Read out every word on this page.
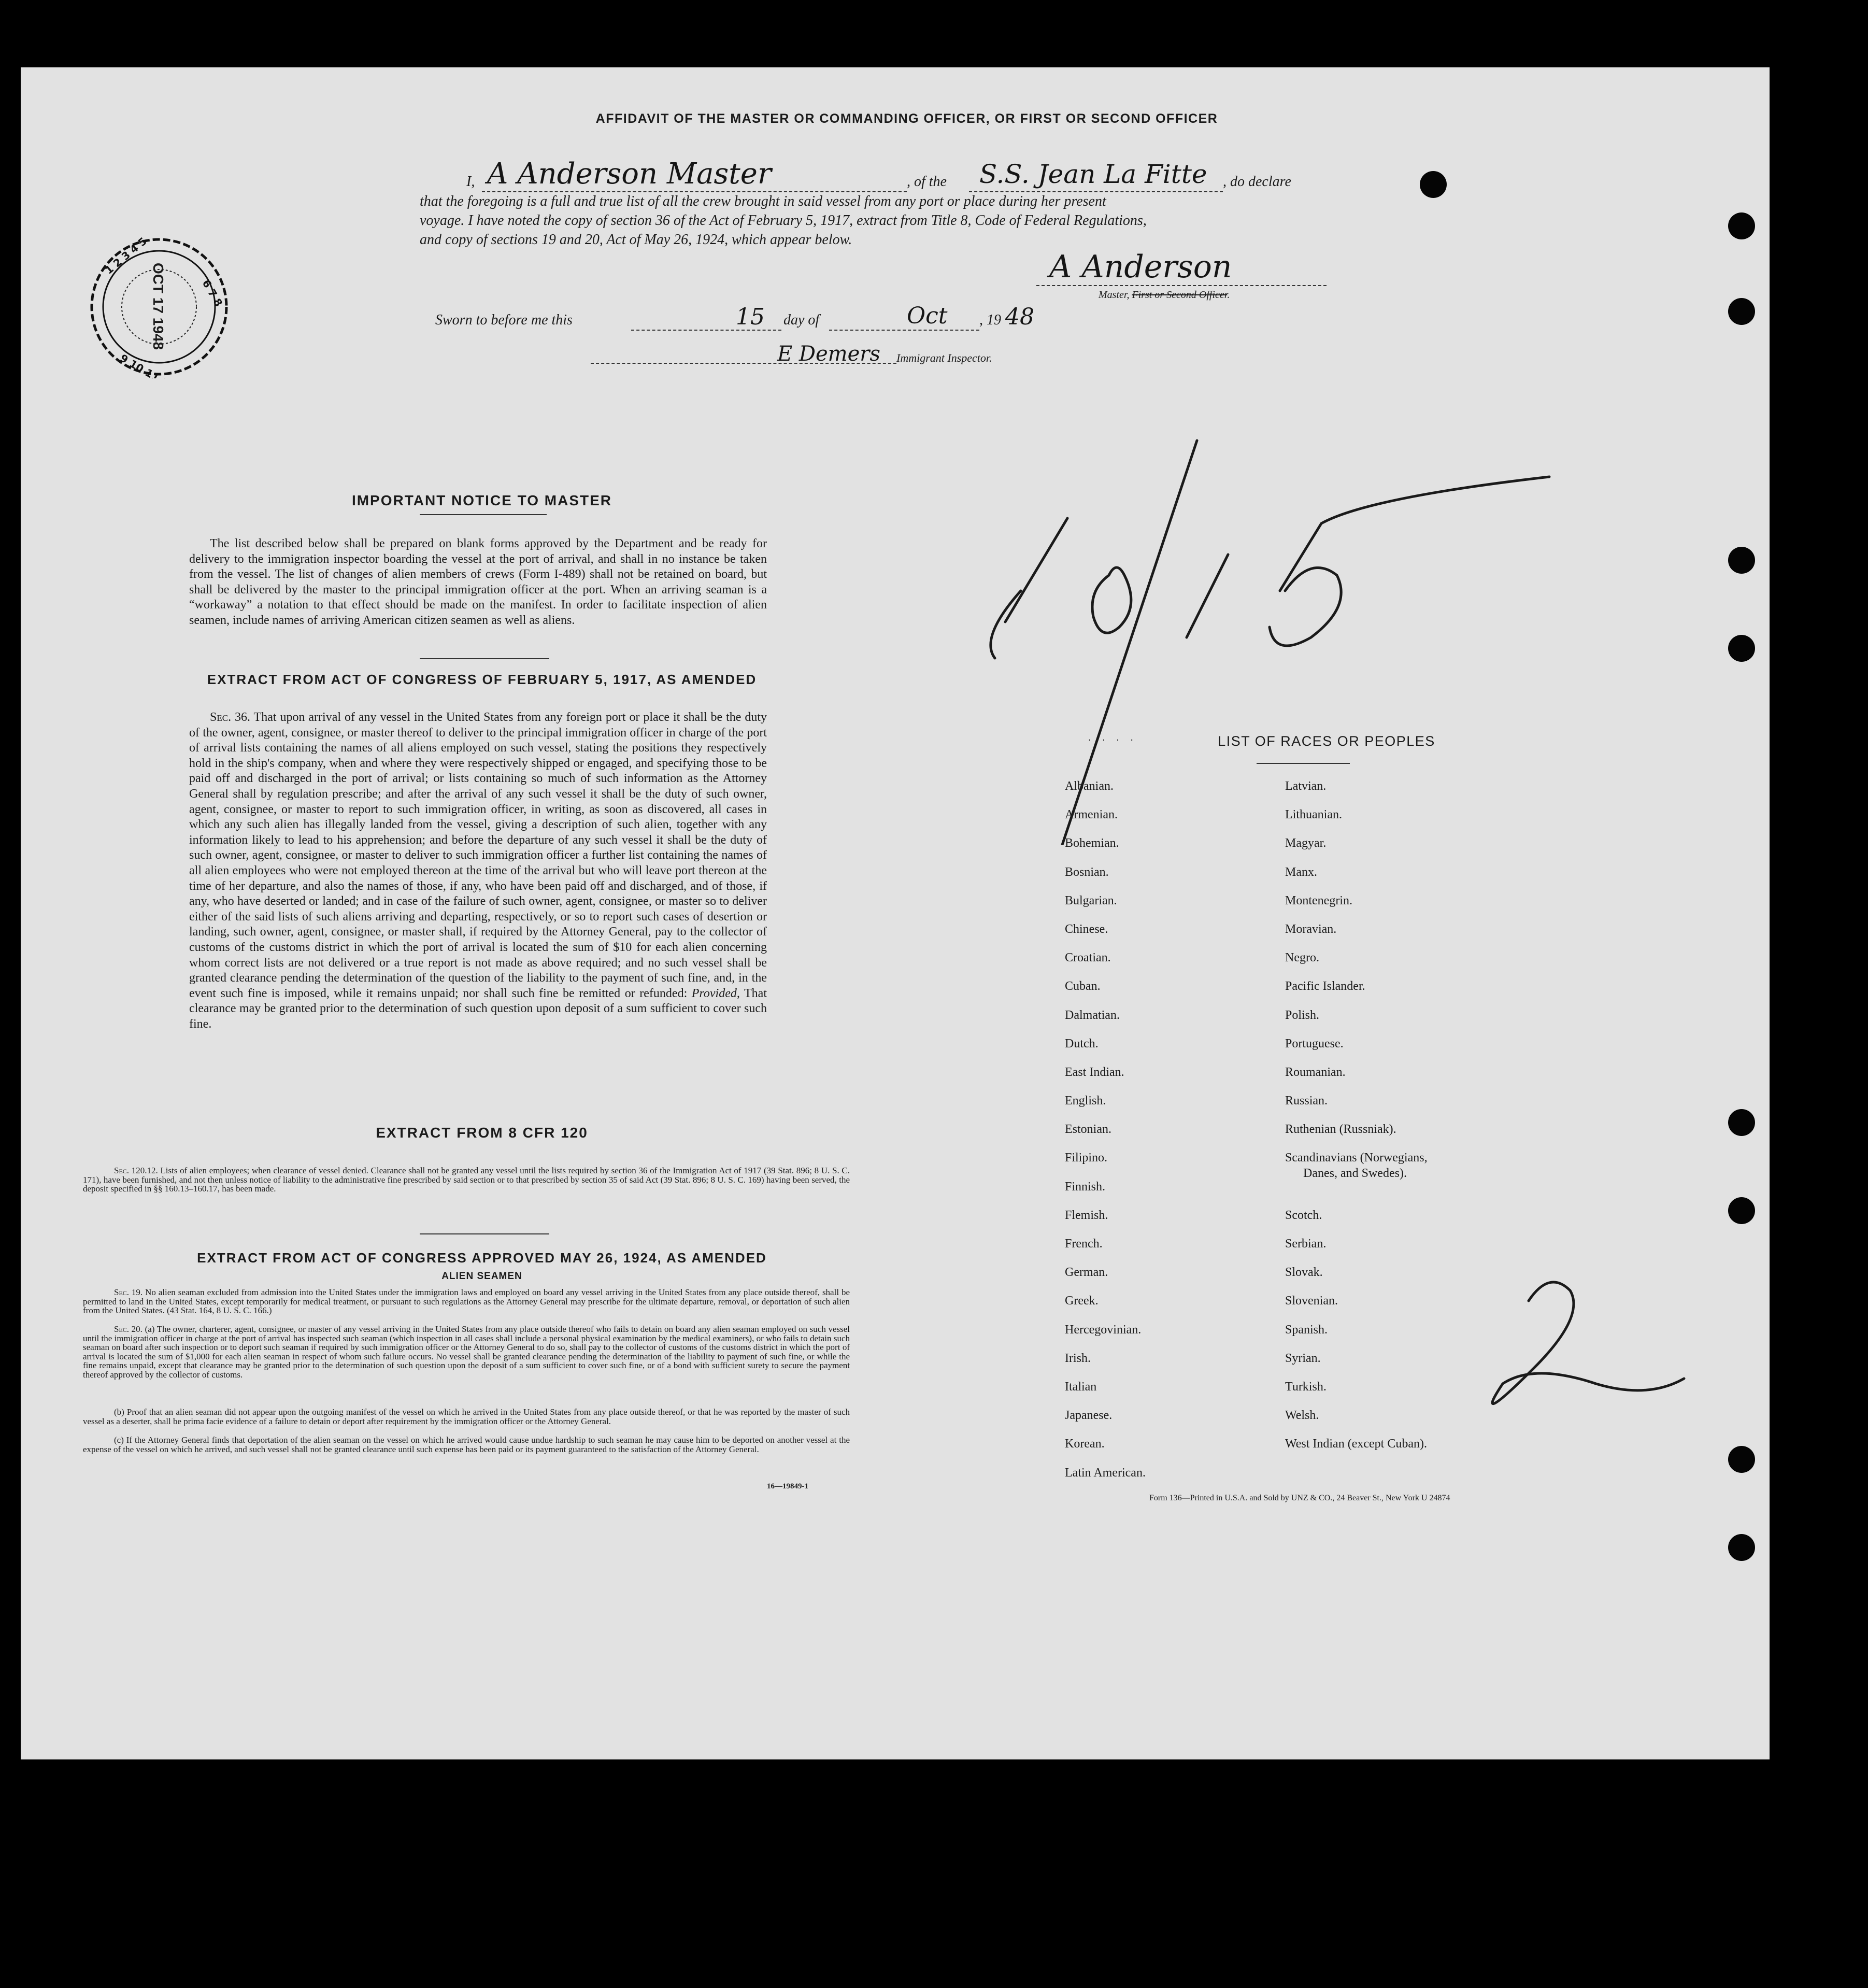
AFFIDAVIT OF THE MASTER OR COMMANDING OFFICER, OR FIRST OR SECOND OFFICER
I, A Anderson Master	, of the S.S. Jean La Fitte , do declare
that the foregoing is a full and true list of all the crew brought in said vessel from any port or place during her present
voyage. I have noted the copy of section 36 of the Act of February 5, 1917, extract from Title 8, Code of Federal Regulations,
and copy of sections 19 and 20, Act of May 26, 1924, which appear below.
A Anderson
Master, First or Second Officer.
Sworn to before me this	15 day of	Oct , 19 48
E Demers Immigrant Inspector.
1 2 3 4 5
6 7 8
9 10 11 12
OCT 17 1948
IMPORTANT NOTICE TO MASTER
The list described below shall be prepared on blank forms approved by the Department and be ready for delivery to the immigration inspector boarding the vessel at the port of arrival, and shall in no instance be taken from the vessel. The list of changes of alien members of crews (Form I-489) shall not be retained on board, but shall be delivered by the master to the principal immigration officer at the port. When an arriving seaman is a “workaway” a notation to that effect should be made on the manifest. In order to facilitate inspection of alien seamen, include names of arriving American citizen seamen as well as aliens.
EXTRACT FROM ACT OF CONGRESS OF FEBRUARY 5, 1917, AS AMENDED
Sec. 36. That upon arrival of any vessel in the United States from any foreign port or place it shall be the duty of the owner, agent, consignee, or master thereof to deliver to the principal immigration officer in charge of the port of arrival lists containing the names of all aliens employed on such vessel, stating the positions they respectively hold in the ship's company, when and where they were respectively shipped or engaged, and specifying those to be paid off and discharged in the port of arrival; or lists containing so much of such information as the Attorney General shall by regulation prescribe; and after the arrival of any such vessel it shall be the duty of such owner, agent, consignee, or master to report to such immigration officer, in writing, as soon as discovered, all cases in which any such alien has illegally landed from the vessel, giving a description of such alien, together with any information likely to lead to his apprehension; and before the departure of any such vessel it shall be the duty of such owner, agent, consignee, or master to deliver to such immigration officer a further list containing the names of all alien employees who were not employed thereon at the time of the arrival but who will leave port thereon at the time of her departure, and also the names of those, if any, who have been paid off and discharged, and of those, if any, who have deserted or landed; and in case of the failure of such owner, agent, consignee, or master so to deliver either of the said lists of such aliens arriving and departing, respectively, or so to report such cases of desertion or landing, such owner, agent, consignee, or master shall, if required by the Attorney General, pay to the collector of customs of the customs district in which the port of arrival is located the sum of $10 for each alien concerning whom correct lists are not delivered or a true report is not made as above required; and no such vessel shall be granted clearance pending the determination of the question of the liability to the payment of such fine, and, in the event such fine is imposed, while it remains unpaid; nor shall such fine be remitted or refunded: Provided, That clearance may be granted prior to the determination of such question upon deposit of a sum sufficient to cover such fine.
EXTRACT FROM 8 CFR 120
Sec. 120.12. Lists of alien employees; when clearance of vessel denied. Clearance shall not be granted any vessel until the lists required by section 36 of the Immigration Act of 1917 (39 Stat. 896; 8 U. S. C. 171), have been furnished, and not then unless notice of liability to the administrative fine prescribed by said section or to that prescribed by section 35 of said Act (39 Stat. 896; 8 U. S. C. 169) having been served, the deposit specified in §§ 160.13–160.17, has been made.
EXTRACT FROM ACT OF CONGRESS APPROVED MAY 26, 1924, AS AMENDED
ALIEN SEAMEN
Sec. 19. No alien seaman excluded from admission into the United States under the immigration laws and employed on board any vessel arriving in the United States from any place outside thereof, shall be permitted to land in the United States, except temporarily for medical treatment, or pursuant to such regulations as the Attorney General may prescribe for the ultimate departure, removal, or deportation of such alien from the United States. (43 Stat. 164, 8 U. S. C. 166.)
Sec. 20. (a) The owner, charterer, agent, consignee, or master of any vessel arriving in the United States from any place outside thereof who fails to detain on board any alien seaman employed on such vessel until the immigration officer in charge at the port of arrival has inspected such seaman (which inspection in all cases shall include a personal physical examination by the medical examiners), or who fails to detain such seaman on board after such inspection or to deport such seaman if required by such immigration officer or the Attorney General to do so, shall pay to the collector of customs of the customs district in which the port of arrival is located the sum of $1,000 for each alien seaman in respect of whom such failure occurs. No vessel shall be granted clearance pending the determination of the liability to payment of such fine, or while the fine remains unpaid, except that clearance may be granted prior to the determination of such question upon the deposit of a sum sufficient to cover such fine, or of a bond with sufficient surety to secure the payment thereof approved by the collector of customs.
(b) Proof that an alien seaman did not appear upon the outgoing manifest of the vessel on which he arrived in the United States from any place outside thereof, or that he was reported by the master of such vessel as a deserter, shall be prima facie evidence of a failure to detain or deport after requirement by the immigration officer or the Attorney General.
(c) If the Attorney General finds that deportation of the alien seaman on the vessel on which he arrived would cause undue hardship to such seaman he may cause him to be deported on another vessel at the expense of the vessel on which he arrived, and such vessel shall not be granted clearance until such expense has been paid or its payment guaranteed to the satisfaction of the Attorney General.
16—19849-1
. . . .	LIST OF RACES OR PEOPLES
Albanian.
Armenian.
Bohemian.
Bosnian.
Bulgarian.
Chinese.
Croatian.
Cuban.
Dalmatian.
Dutch.
East Indian.
English.
Estonian.
Filipino.
Finnish.
Flemish.
French.
German.
Greek.
Hercegovinian.
Irish.
Italian
Japanese.
Korean.
Latin American.
Latvian.
Lithuanian.
Magyar.
Manx.
Montenegrin.
Moravian.
Negro.
Pacific Islander.
Polish.
Portuguese.
Roumanian.
Russian.
Ruthenian (Russniak).
Scandinavians (Norwegians,
Danes, and Swedes).
Scotch.
Serbian.
Slovak.
Slovenian.
Spanish.
Syrian.
Turkish.
Welsh.
West Indian (except Cuban).
Form 136—Printed in U.S.A. and Sold by UNZ & CO., 24 Beaver St., New York U 24874
